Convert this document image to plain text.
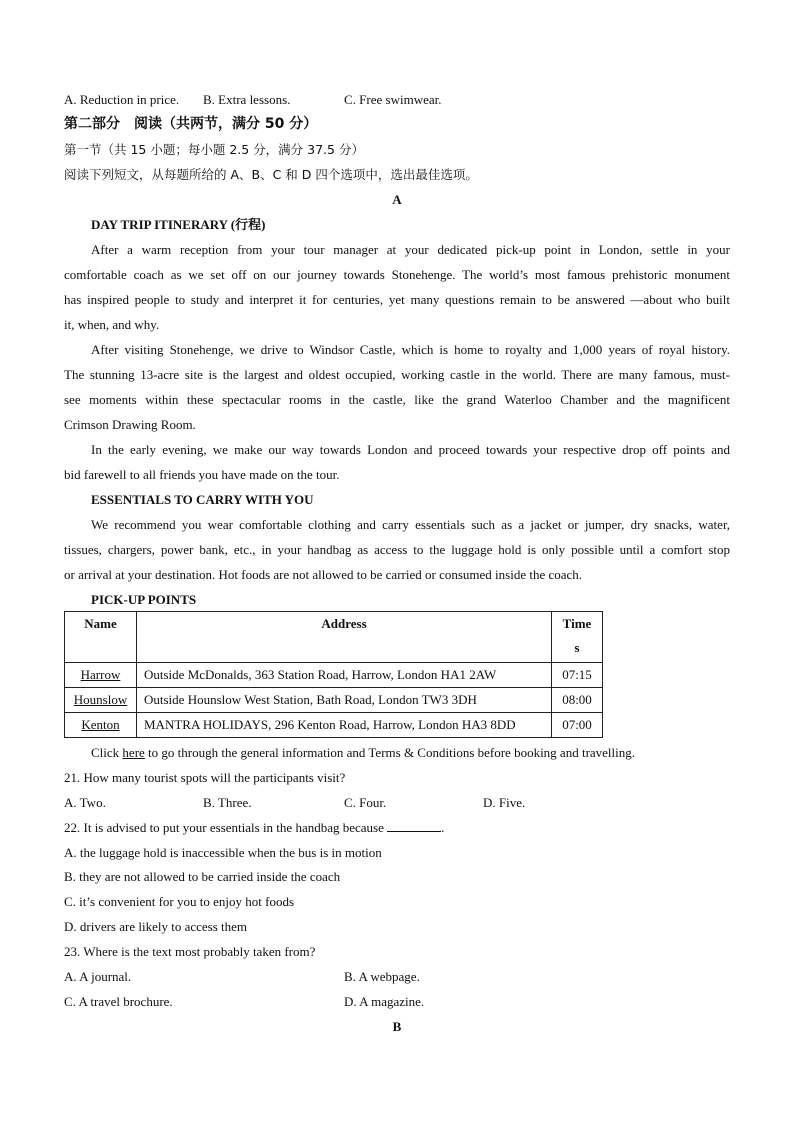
A. Reduction in price. B. Extra lessons.	C. Free swimwear.
第二部分　阅读（共两节，满分 50 分）
第一节（共 15 小题；每小题 2.5 分，满分 37.5 分）
阅读下列短文，从每题所给的 A、B、C 和 D 四个选项中，选出最佳选项。
A
DAY TRIP ITINERARY (行程)
After a warm reception from your tour manager at your dedicated pick-up point in London, settle in your
comfortable coach as we set off on our journey towards Stonehenge. The world’s most famous prehistoric monument
has inspired people to study and interpret it for centuries, yet many questions remain to be answered —about who built
it, when, and why.
After visiting Stonehenge, we drive to Windsor Castle, which is home to royalty and 1,000 years of royal history.
The stunning 13-acre site is the largest and oldest occupied, working castle in the world. There are many famous, must-
see moments within these spectacular rooms in the castle, like the grand Waterloo Chamber and the magnificent
Crimson Drawing Room.
In the early evening, we make our way towards London and proceed towards your respective drop off points and
bid farewell to all friends you have made on the tour.
ESSENTIALS TO CARRY WITH YOU
We recommend you wear comfortable clothing and carry essentials such as a jacket or jumper, dry snacks, water,
tissues, chargers, power bank, etc., in your handbag as access to the luggage hold is only possible until a comfort stop
or arrival at your destination. Hot foods are not allowed to be carried or consumed inside the coach.
PICK-UP POINTS
Name	Address	Time
s
Harrow	Outside McDonalds, 363 Station Road, Harrow, London HA1 2AW	07:15
Hounslow	Outside Hounslow West Station, Bath Road, London TW3 3DH	08:00
Kenton	MANTRA HOLIDAYS, 296 Kenton Road, Harrow, London HA3 8DD	07:00
Click here to go through the general information and Terms & Conditions before booking and travelling.
21. How many tourist spots will the participants visit?
A. Two.	B. Three.	C. Four.	D. Five.
22. It is advised to put your essentials in the handbag because	.
A. the luggage hold is inaccessible when the bus is in motion
B. they are not allowed to be carried inside the coach
C. it’s convenient for you to enjoy hot foods
D. drivers are likely to access them
23. Where is the text most probably taken from?
A. A journal.	B. A webpage.
C. A travel brochure.	D. A magazine.
B
